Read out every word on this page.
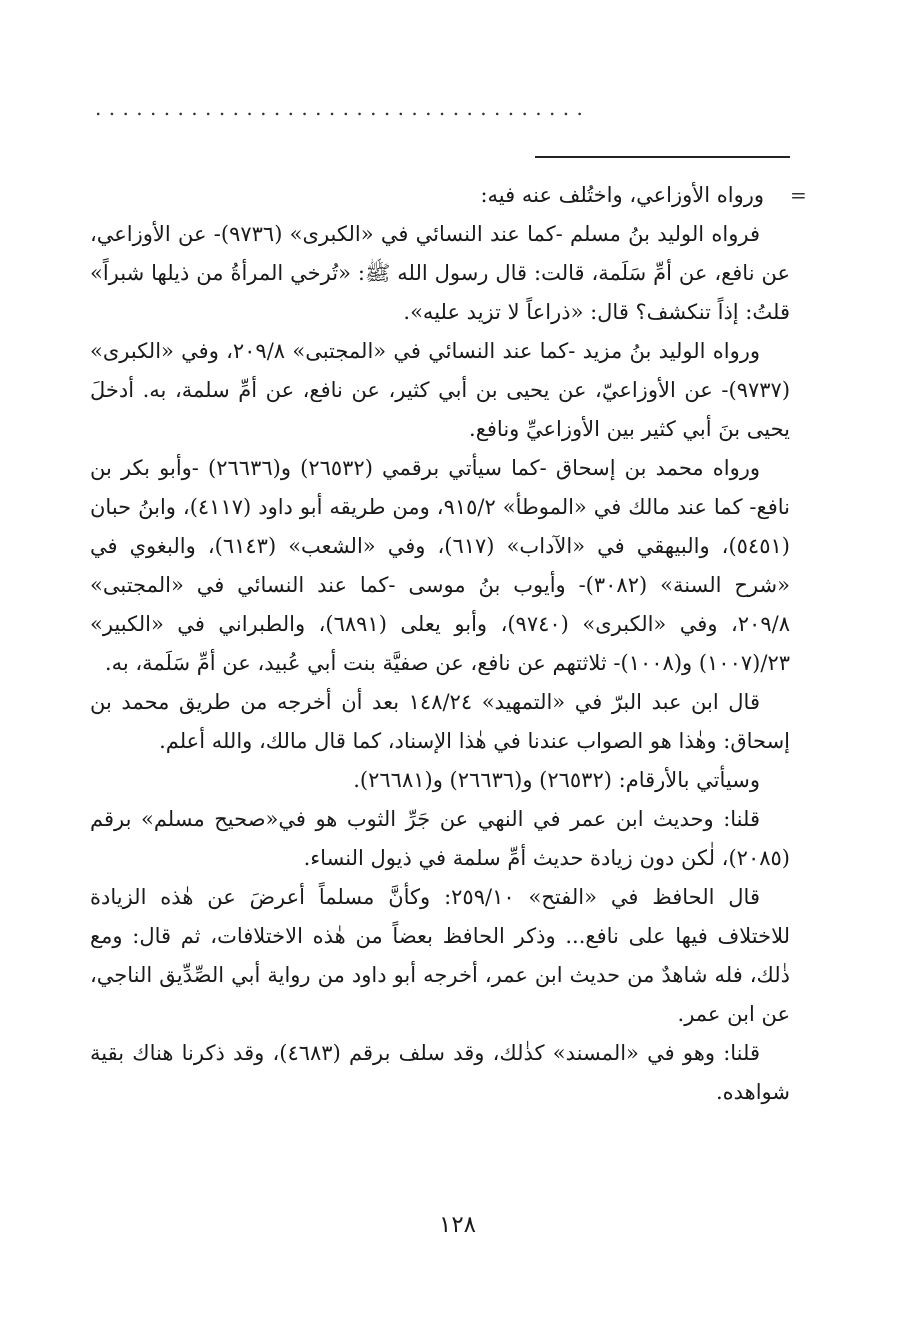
....................................
=

ورواه الأوزاعي، واختُلف عنه فيه:

فرواه الوليد بنُ مسلم -كما عند النسائي في «الكبرى» (٩٧٣٦)- عن الأوزاعي، عن نافع، عن أمِّ سَلَمة، قالت: قال رسول الله ﷺ: «تُرخي المرأةُ من ذيلها شبراً» قلتُ: إذاً تنكشف؟ قال: «ذراعاً لا تزيد عليه».

ورواه الوليد بنُ مزيد -كما عند النسائي في «المجتبى» ٢٠٩/٨، وفي «الكبرى» (٩٧٣٧)- عن الأوزاعيّ، عن يحيى بن أبي كثير، عن نافع، عن أمِّ سلمة، به. أدخلَ يحيى بنَ أبي كثير بين الأوزاعيِّ ونافع.

ورواه محمد بن إسحاق -كما سيأتي برقمي (٢٦٥٣٢) و(٢٦٦٣٦) -وأبو بكر بن نافع- كما عند مالك في «الموطأ» ٩١٥/٢، ومن طريقه أبو داود (٤١١٧)، وابنُ حبان (٥٤٥١)، والبيهقي في «الآداب» (٦١٧)، وفي «الشعب» (٦١٤٣)، والبغوي في «شرح السنة» (٣٠٨٢)- وأيوب بنُ موسى -كما عند النسائي في «المجتبى» ٢٠٩/٨، وفي «الكبرى» (٩٧٤٠)، وأبو يعلى (٦٨٩١)، والطبراني في «الكبير» ٢٣/(١٠٠٧) و(١٠٠٨)- ثلاثتهم عن نافع، عن صفيَّة بنت أبي عُبيد، عن أمِّ سَلَمة، به.

قال ابن عبد البرّ في «التمهيد» ١٤٨/٢٤ بعد أن أخرجه من طريق محمد بن إسحاق: وهٰذا هو الصواب عندنا في هٰذا الإسناد، كما قال مالك، والله أعلم.

وسيأتي بالأرقام: (٢٦٥٣٢) و(٢٦٦٣٦) و(٢٦٦٨١).

قلنا: وحديث ابن عمر في النهي عن جَرِّ الثوب هو في«صحيح مسلم» برقم (٢٠٨٥)، لٰكن دون زيادة حديث أمِّ سلمة في ذيول النساء.

قال الحافظ في «الفتح» ٢٥٩/١٠: وكأنَّ مسلماً أعرضَ عن هٰذه الزيادة للاختلاف فيها على نافع... وذكر الحافظ بعضاً من هٰذه الاختلافات، ثم قال: ومع ذٰلك، فله شاهدٌ من حديث ابن عمر، أخرجه أبو داود من رواية أبي الصِّدِّيق الناجي، عن ابن عمر.

قلنا: وهو في «المسند» كذٰلك، وقد سلف برقم (٤٦٨٣)، وقد ذكرنا هناك بقية شواهده.

١٢٨
